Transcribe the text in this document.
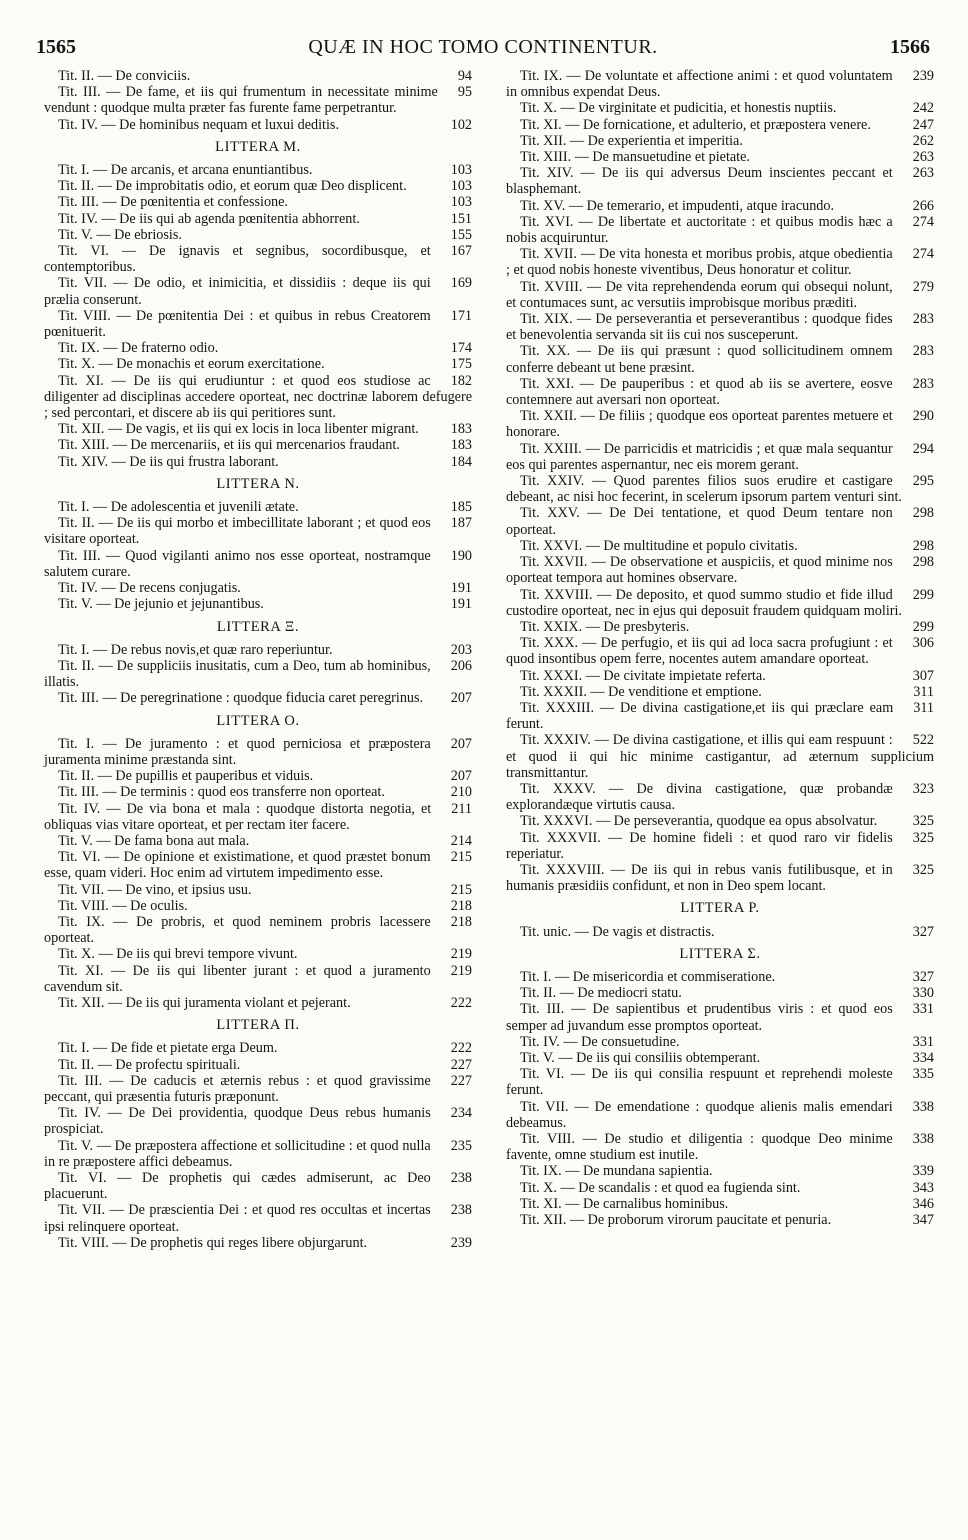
1565	QUÆ IN HOC TOMO CONTINENTUR.	1566
94
Tit. II. — De conviciis.
95
Tit. III. — De fame, et iis qui frumentum in necessitate minime vendunt : quodque multa præter fas furente fame perpetrantur.
102
Tit. IV. — De hominibus nequam et luxui deditis.
LITTERA M.
103
Tit. I. — De arcanis, et arcana enuntiantibus.
103
Tit. II. — De improbitatis odio, et eorum quæ Deo displicent.
103
Tit. III. — De pœnitentia et confessione.
151
Tit. IV. — De iis qui ab agenda pœnitentia abhorrent.
155
Tit. V. — De ebriosis.
167
Tit. VI. — De ignavis et segnibus, socordibusque, et contemptoribus.
169
Tit. VII. — De odio, et inimicitia, et dissidiis : deque iis qui prælia conserunt.
171
Tit. VIII. — De pœnitentia Dei : et quibus in rebus Creatorem pœnituerit.
174
Tit. IX. — De fraterno odio.
175
Tit. X. — De monachis et eorum exercitatione.
182
Tit. XI. — De iis qui erudiuntur : et quod eos studiose ac diligenter ad disciplinas accedere oporteat, nec doctrinæ laborem defugere ; sed percontari, et discere ab iis qui peritiores sunt.
183
Tit. XII. — De vagis, et iis qui ex locis in loca libenter migrant.
183
Tit. XIII. — De mercenariis, et iis qui mercenarios fraudant.
184
Tit. XIV. — De iis qui frustra laborant.
LITTERA N.
185
Tit. I. — De adolescentia et juvenili ætate.
187
Tit. II. — De iis qui morbo et imbecillitate laborant ; et quod eos visitare oporteat.
190
Tit. III. — Quod vigilanti animo nos esse oporteat, nostramque salutem curare.
191
Tit. IV. — De recens conjugatis.
191
Tit. V. — De jejunio et jejunantibus.
LITTERA Ξ.
203
Tit. I. — De rebus novis,et quæ raro reperiuntur.
206
Tit. II. — De suppliciis inusitatis, cum a Deo, tum ab hominibus, illatis.
207
Tit. III. — De peregrinatione : quodque fiducia caret peregrinus.
LITTERA O.
207
Tit. I. — De juramento : et quod perniciosa et præpostera juramenta minime præstanda sint.
207
Tit. II. — De pupillis et pauperibus et viduis.
210
Tit. III. — De terminis : quod eos transferre non oporteat.
211
Tit. IV. — De via bona et mala : quodque distorta negotia, et obliquas vias vitare oporteat, et per rectam iter facere.
214
Tit. V. — De fama bona aut mala.
215
Tit. VI. — De opinione et existimatione, et quod præstet bonum esse, quam videri. Hoc enim ad virtutem impedimento esse.
215
Tit. VII. — De vino, et ipsius usu.
218
Tit. VIII. — De oculis.
218
Tit. IX. — De probris, et quod neminem probris lacessere oporteat.
219
Tit. X. — De iis qui brevi tempore vivunt.
219
Tit. XI. — De iis qui libenter jurant : et quod a juramento cavendum sit.
222
Tit. XII. — De iis qui juramenta violant et pejerant.
LITTERA Π.
222
Tit. I. — De fide et pietate erga Deum.
227
Tit. II. — De profectu spirituali.
227
Tit. III. — De caducis et æternis rebus : et quod gravissime peccant, qui præsentia futuris præponunt.
234
Tit. IV. — De Dei providentia, quodque Deus rebus humanis prospiciat.
235
Tit. V. — De præpostera affectione et sollicitudine : et quod nulla in re præpostere affici debeamus.
238
Tit. VI. — De prophetis qui cædes admiserunt, ac Deo placuerunt.
238
Tit. VII. — De præscientia Dei : et quod res occultas et incertas ipsi relinquere oporteat.
239
Tit. VIII. — De prophetis qui reges libere objurgarunt.
239
Tit. IX. — De voluntate et affectione animi : et quod voluntatem in omnibus expendat Deus.
242
Tit. X. — De virginitate et pudicitia, et honestis nuptiis.
247
Tit. XI. — De fornicatione, et adulterio, et præpostera venere.
262
Tit. XII. — De experientia et imperitia.
263
Tit. XIII. — De mansuetudine et pietate.
263
Tit. XIV. — De iis qui adversus Deum inscientes peccant et blasphemant.
266
Tit. XV. — De temerario, et impudenti, atque iracundo.
274
Tit. XVI. — De libertate et auctoritate : et quibus modis hæc a nobis acquiruntur.
274
Tit. XVII. — De vita honesta et moribus probis, atque obedientia ; et quod nobis honeste viventibus, Deus honoratur et colitur.
279
Tit. XVIII. — De vita reprehendenda eorum qui obsequi nolunt, et contumaces sunt, ac versutiis improbisque moribus præditi.
283
Tit. XIX. — De perseverantia et perseverantibus : quodque fides et benevolentia servanda sit iis cui nos susceperunt.
283
Tit. XX. — De iis qui præsunt : quod sollicitudinem omnem conferre debeant ut bene præsint.
283
Tit. XXI. — De pauperibus : et quod ab iis se avertere, eosve contemnere aut aversari non oporteat.
290
Tit. XXII. — De filiis ; quodque eos oporteat parentes metuere et honorare.
294
Tit. XXIII. — De parricidis et matricidis ; et quæ mala sequantur eos qui parentes aspernantur, nec eis morem gerant.
295
Tit. XXIV. — Quod parentes filios suos erudire et castigare debeant, ac nisi hoc fecerint, in scelerum ipsorum partem venturi sint.
298
Tit. XXV. — De Dei tentatione, et quod Deum tentare non oporteat.
298
Tit. XXVI. — De multitudine et populo civitatis.
298
Tit. XXVII. — De observatione et auspiciis, et quod minime nos oporteat tempora aut homines observare.
299
Tit. XXVIII. — De deposito, et quod summo studio et fide illud custodire oporteat, nec in ejus qui deposuit fraudem quidquam moliri.
299
Tit. XXIX. — De presbyteris.
306
Tit. XXX. — De perfugio, et iis qui ad loca sacra profugiunt : et quod insontibus opem ferre, nocentes autem amandare oporteat.
307
Tit. XXXI. — De civitate impietate referta.
311
Tit. XXXII. — De venditione et emptione.
311
Tit. XXXIII. — De divina castigatione,et iis qui præclare eam ferunt.
522
Tit. XXXIV. — De divina castigatione, et illis qui eam respuunt : et quod ii qui hic minime castigantur, ad æternum supplicium transmittantur.
323
Tit. XXXV. — De divina castigatione, quæ probandæ explorandæque virtutis causa.
325
Tit. XXXVI. — De perseverantia, quodque ea opus absolvatur.
325
Tit. XXXVII. — De homine fideli : et quod raro vir fidelis reperiatur.
325
Tit. XXXVIII. — De iis qui in rebus vanis futilibusque, et in humanis præsidiis confidunt, et non in Deo spem locant.
LITTERA P.
327
Tit. unic. — De vagis et distractis.
LITTERA Σ.
327
Tit. I. — De misericordia et commiseratione.
330
Tit. II. — De mediocri statu.
331
Tit. III. — De sapientibus et prudentibus viris : et quod eos semper ad juvandum esse promptos oporteat.
331
Tit. IV. — De consuetudine.
334
Tit. V. — De iis qui consiliis obtemperant.
335
Tit. VI. — De iis qui consilia respuunt et reprehendi moleste ferunt.
338
Tit. VII. — De emendatione : quodque alienis malis emendari debeamus.
338
Tit. VIII. — De studio et diligentia : quodque Deo minime favente, omne studium est inutile.
339
Tit. IX. — De mundana sapientia.
343
Tit. X. — De scandalis : et quod ea fugienda sint.
346
Tit. XI. — De carnalibus hominibus.
347
Tit. XII. — De proborum virorum paucitate et penuria.
